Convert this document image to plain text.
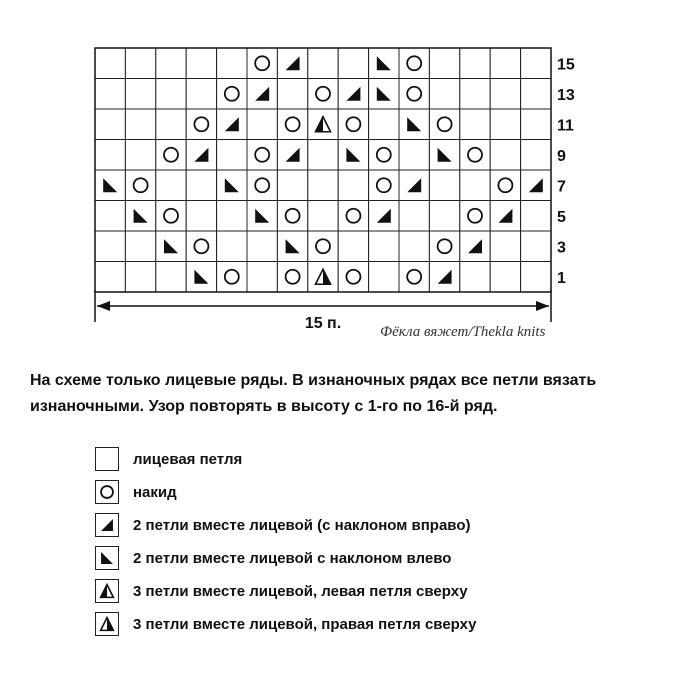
15
13
11
9
7
5
3
1
15 п.	Фёкла вяжет/Thekla knits
На схеме только лицевые ряды. В изнаночных рядах все петли вязать
изнаночными. Узор повторять в высоту с 1-го по 16-й ряд.
лицевая петля
накид
2 петли вместе лицевой (с наклоном вправо)
2 петли вместе лицевой с наклоном влево
3 петли вместе лицевой, левая петля сверху
3 петли вместе лицевой, правая петля сверху
